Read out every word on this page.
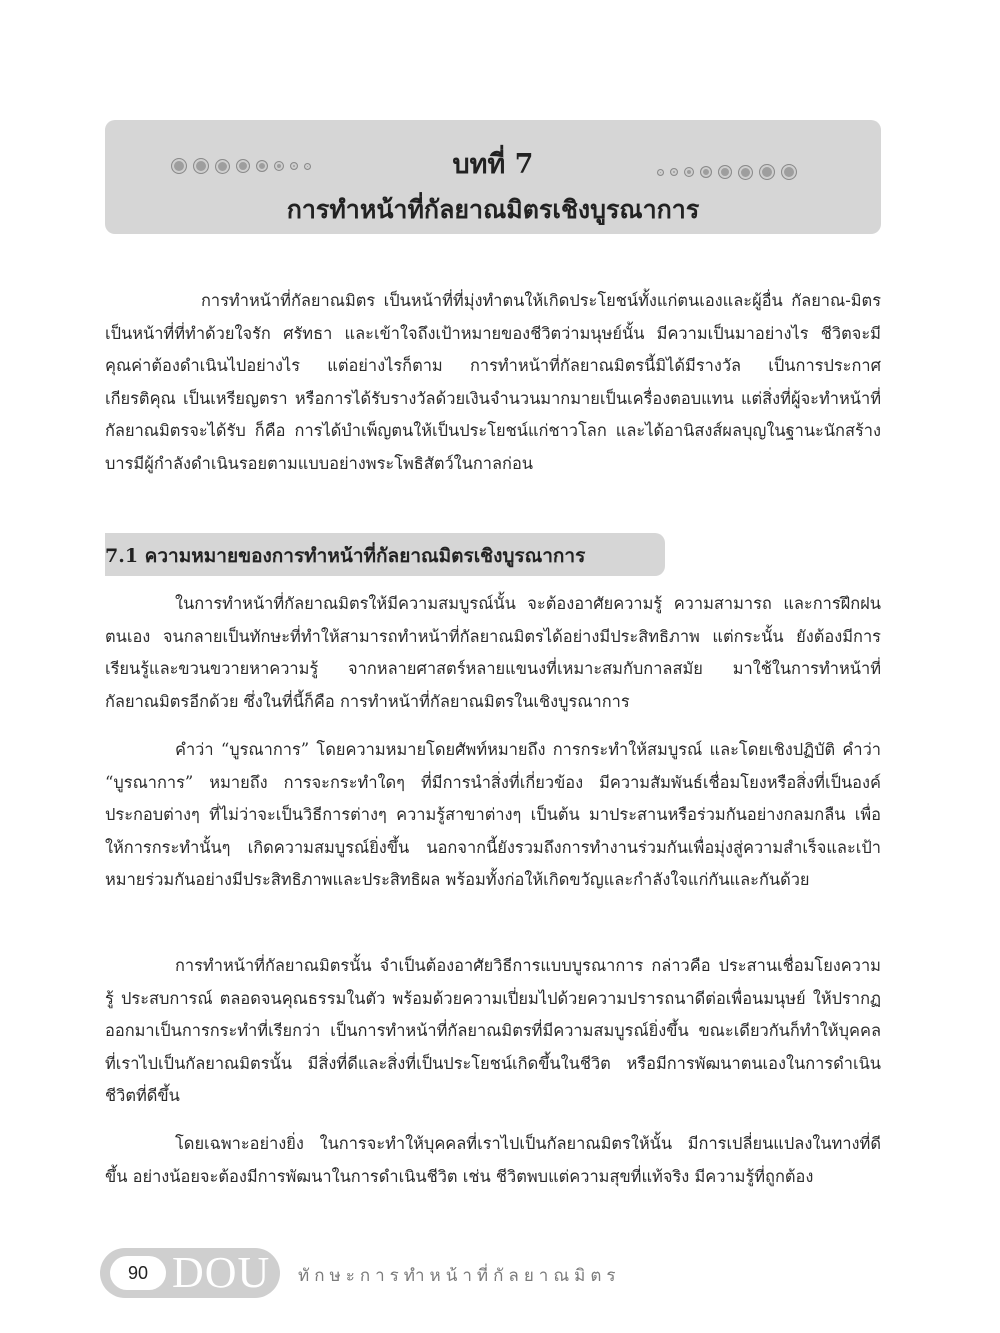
บทที่ 7
การทำหน้าที่กัลยาณมิตรเชิงบูรณาการ

การทำหน้าที่กัลยาณมิตร เป็นหน้าที่ที่มุ่งทำตนให้เกิดประโยชน์ทั้งแก่ตนเองและผู้อื่น กัลยาณ-มิตร เป็นหน้าที่ที่ทำด้วยใจรัก ศรัทธา และเข้าใจถึงเป้าหมายของชีวิตว่ามนุษย์นั้น มีความเป็นมาอย่างไร ชีวิตจะมีคุณค่าต้องดำเนินไปอย่างไร แต่อย่างไรก็ตาม การทำหน้าที่กัลยาณมิตรนี้มิได้มีรางวัล เป็นการประกาศเกียรติคุณ เป็นเหรียญตรา หรือการได้รับรางวัลด้วยเงินจำนวนมากมายเป็นเครื่องตอบแทน แต่สิ่งที่ผู้จะทำหน้าที่กัลยาณมิตรจะได้รับ ก็คือ การได้บำเพ็ญตนให้เป็นประโยชน์แก่ชาวโลก และได้อานิสงส์ผลบุญในฐานะนักสร้างบารมีผู้กำลังดำเนินรอยตามแบบอย่างพระโพธิสัตว์ในกาลก่อน

7.1 ความหมายของการทำหน้าที่กัลยาณมิตรเชิงบูรณาการ

ในการทำหน้าที่กัลยาณมิตรให้มีความสมบูรณ์นั้น จะต้องอาศัยความรู้ ความสามารถ และการฝึกฝนตนเอง จนกลายเป็นทักษะที่ทำให้สามารถทำหน้าที่กัลยาณมิตรได้อย่างมีประสิทธิภาพ แต่กระนั้น ยังต้องมีการเรียนรู้และขวนขวายหาความรู้ จากหลายศาสตร์หลายแขนงที่เหมาะสมกับกาลสมัย มาใช้ในการทำหน้าที่กัลยาณมิตรอีกด้วย ซึ่งในที่นี้ก็คือ การทำหน้าที่กัลยาณมิตรในเชิงบูรณาการ

คำว่า “บูรณาการ” โดยความหมายโดยศัพท์หมายถึง การกระทำให้สมบูรณ์ และโดยเชิงปฏิบัติ คำว่า “บูรณาการ” หมายถึง การจะกระทำใดๆ ที่มีการนำสิ่งที่เกี่ยวข้อง มีความสัมพันธ์เชื่อมโยงหรือสิ่งที่เป็นองค์ประกอบต่างๆ ที่ไม่ว่าจะเป็นวิธีการต่างๆ ความรู้สาขาต่างๆ เป็นต้น มาประสานหรือร่วมกันอย่างกลมกลืน เพื่อให้การกระทำนั้นๆ เกิดความสมบูรณ์ยิ่งขึ้น นอกจากนี้ยังรวมถึงการทำงานร่วมกันเพื่อมุ่งสู่ความสำเร็จและเป้าหมายร่วมกันอย่างมีประสิทธิภาพและประสิทธิผล พร้อมทั้งก่อให้เกิดขวัญและกำลังใจแก่กันและกันด้วย

การทำหน้าที่กัลยาณมิตรนั้น จำเป็นต้องอาศัยวิธีการแบบบูรณาการ กล่าวคือ ประสานเชื่อมโยงความรู้ ประสบการณ์ ตลอดจนคุณธรรมในตัว พร้อมด้วยความเปี่ยมไปด้วยความปรารถนาดีต่อเพื่อนมนุษย์ ให้ปรากฏออกมาเป็นการกระทำที่เรียกว่า เป็นการทำหน้าที่กัลยาณมิตรที่มีความสมบูรณ์ยิ่งขึ้น ขณะเดียวกันก็ทำให้บุคคลที่เราไปเป็นกัลยาณมิตรนั้น มีสิ่งที่ดีและสิ่งที่เป็นประโยชน์เกิดขึ้นในชีวิต หรือมีการพัฒนาตนเองในการดำเนินชีวิตที่ดีขึ้น

โดยเฉพาะอย่างยิ่ง ในการจะทำให้บุคคลที่เราไปเป็นกัลยาณมิตรให้นั้น มีการเปลี่ยนแปลงในทางที่ดีขึ้น อย่างน้อยจะต้องมีการพัฒนาในการดำเนินชีวิต เช่น ชีวิตพบแต่ความสุขที่แท้จริง มีความรู้ที่ถูกต้อง

90 DOU ทักษะการทำหน้าที่กัลยาณมิตร
